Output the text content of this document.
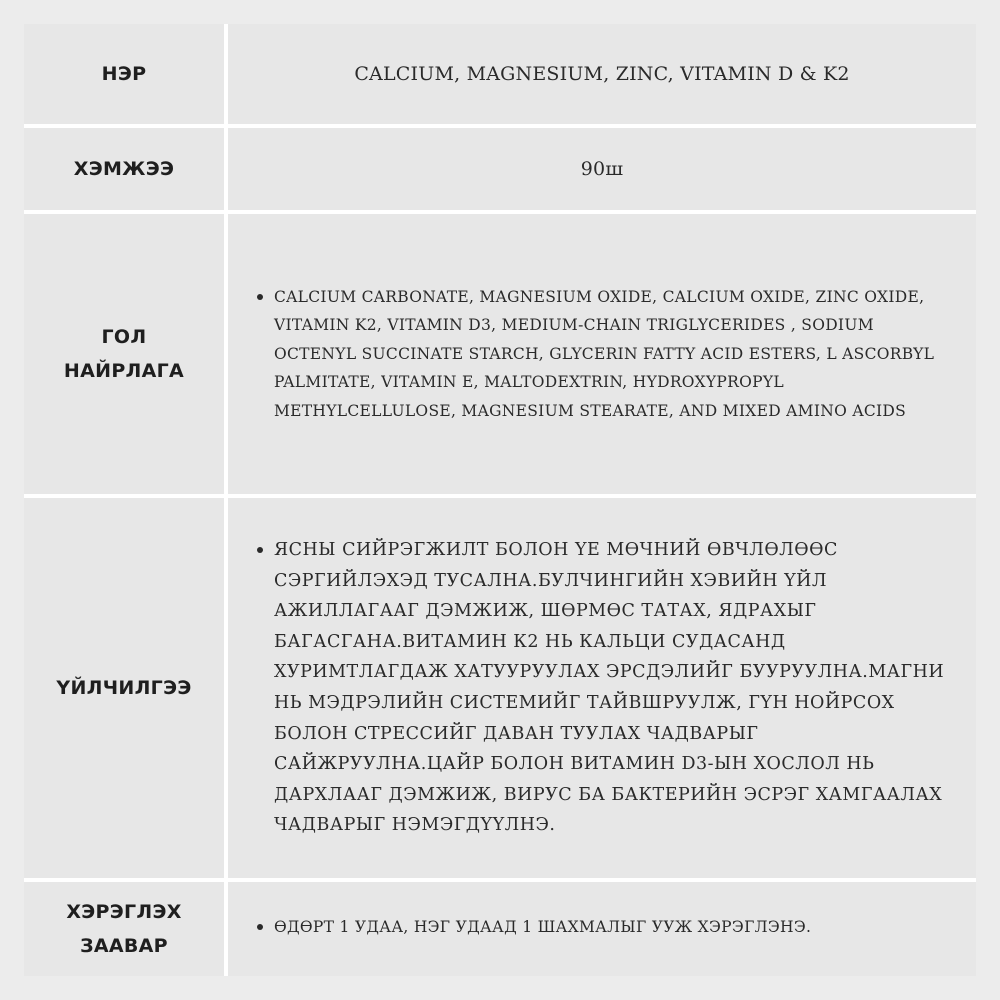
НЭР	CALCIUM, MAGNESIUM, ZINC, VITAMIN D & K2
ХЭМЖЭЭ	90ш
ГОЛ
НАЙРЛАГА
CALCIUM CARBONATE, MAGNESIUM OXIDE, CALCIUM OXIDE, ZINC OXIDE, VITAMIN K2, VITAMIN D3, MEDIUM-CHAIN TRIGLYCERIDES , SODIUM OCTENYL SUCCINATE STARCH, GLYCERIN FATTY ACID ESTERS, L ASCORBYL PALMITATE, VITAMIN E, MALTODEXTRIN, HYDROXYPROPYL METHYLCELLULOSE, MAGNESIUM STEARATE, AND MIXED AMINO ACIDS
ҮЙЛЧИЛГЭЭ
ЯСНЫ СИЙРЭГЖИЛТ БОЛОН ҮЕ МӨЧНИЙ ӨВЧЛӨЛӨӨС СЭРГИЙЛЭХЭД ТУСАЛНА.БУЛЧИНГИЙН ХЭВИЙН ҮЙЛ АЖИЛЛАГААГ ДЭМЖИЖ, ШӨРМӨС ТАТАХ, ЯДРАХЫГ БАГАСГАНА.ВИТАМИН К2 НЬ КАЛЬЦИ СУДАСАНД ХУРИМТЛАГДАЖ ХАТУУРУУЛАХ ЭРСДЭЛИЙГ БУУРУУЛНА.МАГНИ НЬ МЭДРЭЛИЙН СИСТЕМИЙГ ТАЙВШРУУЛЖ, ГҮН НОЙРСОХ БОЛОН СТРЕССИЙГ ДАВАН ТУУЛАХ ЧАДВАРЫГ САЙЖРУУЛНА.ЦАЙР БОЛОН ВИТАМИН D3-ЫН ХОСЛОЛ НЬ ДАРХЛААГ ДЭМЖИЖ, ВИРУС БА БАКТЕРИЙН ЭСРЭГ ХАМГААЛАХ ЧАДВАРЫГ НЭМЭГДҮҮЛНЭ.
ХЭРЭГЛЭХ
ЗААВАР
ӨДӨРТ 1 УДАА, НЭГ УДААД 1 ШАХМАЛЫГ УУЖ ХЭРЭГЛЭНЭ.
